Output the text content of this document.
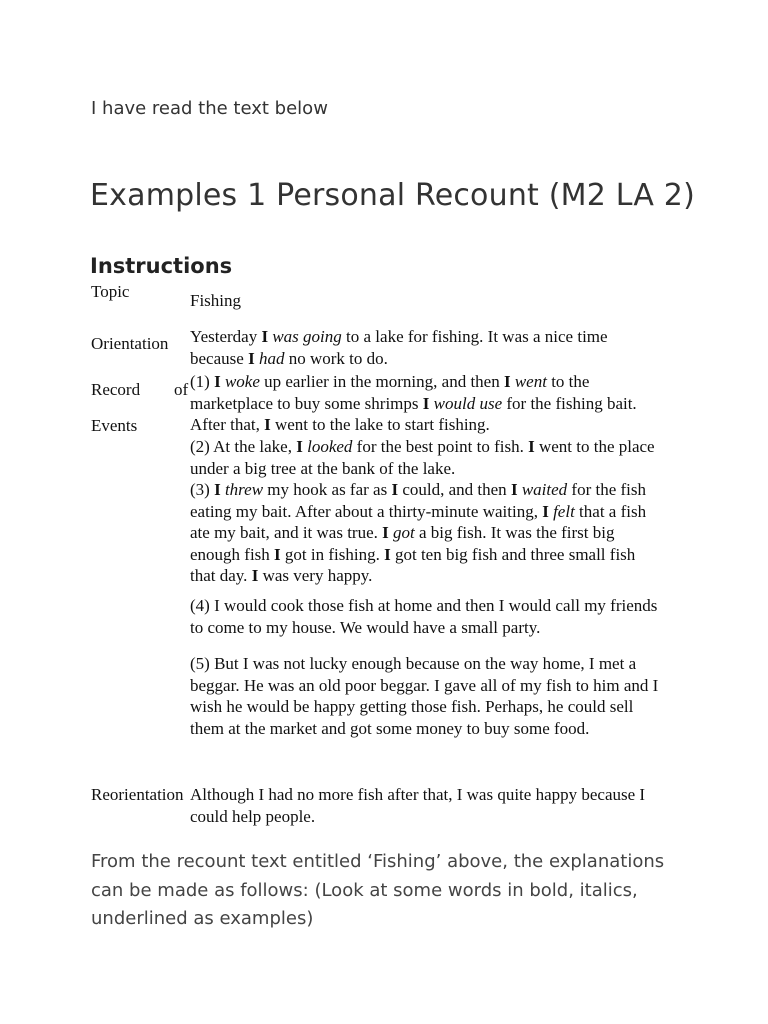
I have read the text below
Examples 1 Personal Recount (M2 LA 2)
Instructions
Topic
Orientation
Record of
Events
Reorientation
Fishing
Yesterday I was going to a lake for fishing. It was a nice time because I had no work to do.
(1) I woke up earlier in the morning, and then I went to the marketplace to buy some shrimps I would use for the fishing bait. After that, I went to the lake to start fishing.
(2) At the lake, I looked for the best point to fish. I went to the place under a big tree at the bank of the lake.
(3) I threw my hook as far as I could, and then I waited for the fish eating my bait. After about a thirty-minute waiting, I felt that a fish ate my bait, and it was true. I got a big fish. It was the first big enough fish I got in fishing. I got ten big fish and three small fish that day. I was very happy.
(4) I would cook those fish at home and then I would call my friends to come to my house. We would have a small party.
(5) But I was not lucky enough because on the way home, I met a beggar. He was an old poor beggar. I gave all of my fish to him and I wish he would be happy getting those fish. Perhaps, he could sell them at the market and got some money to buy some food.
Although I had no more fish after that, I was quite happy because I could help people.
From the recount text entitled ‘Fishing’ above, the explanations can be made as follows: (Look at some words in bold, italics, underlined as examples)
